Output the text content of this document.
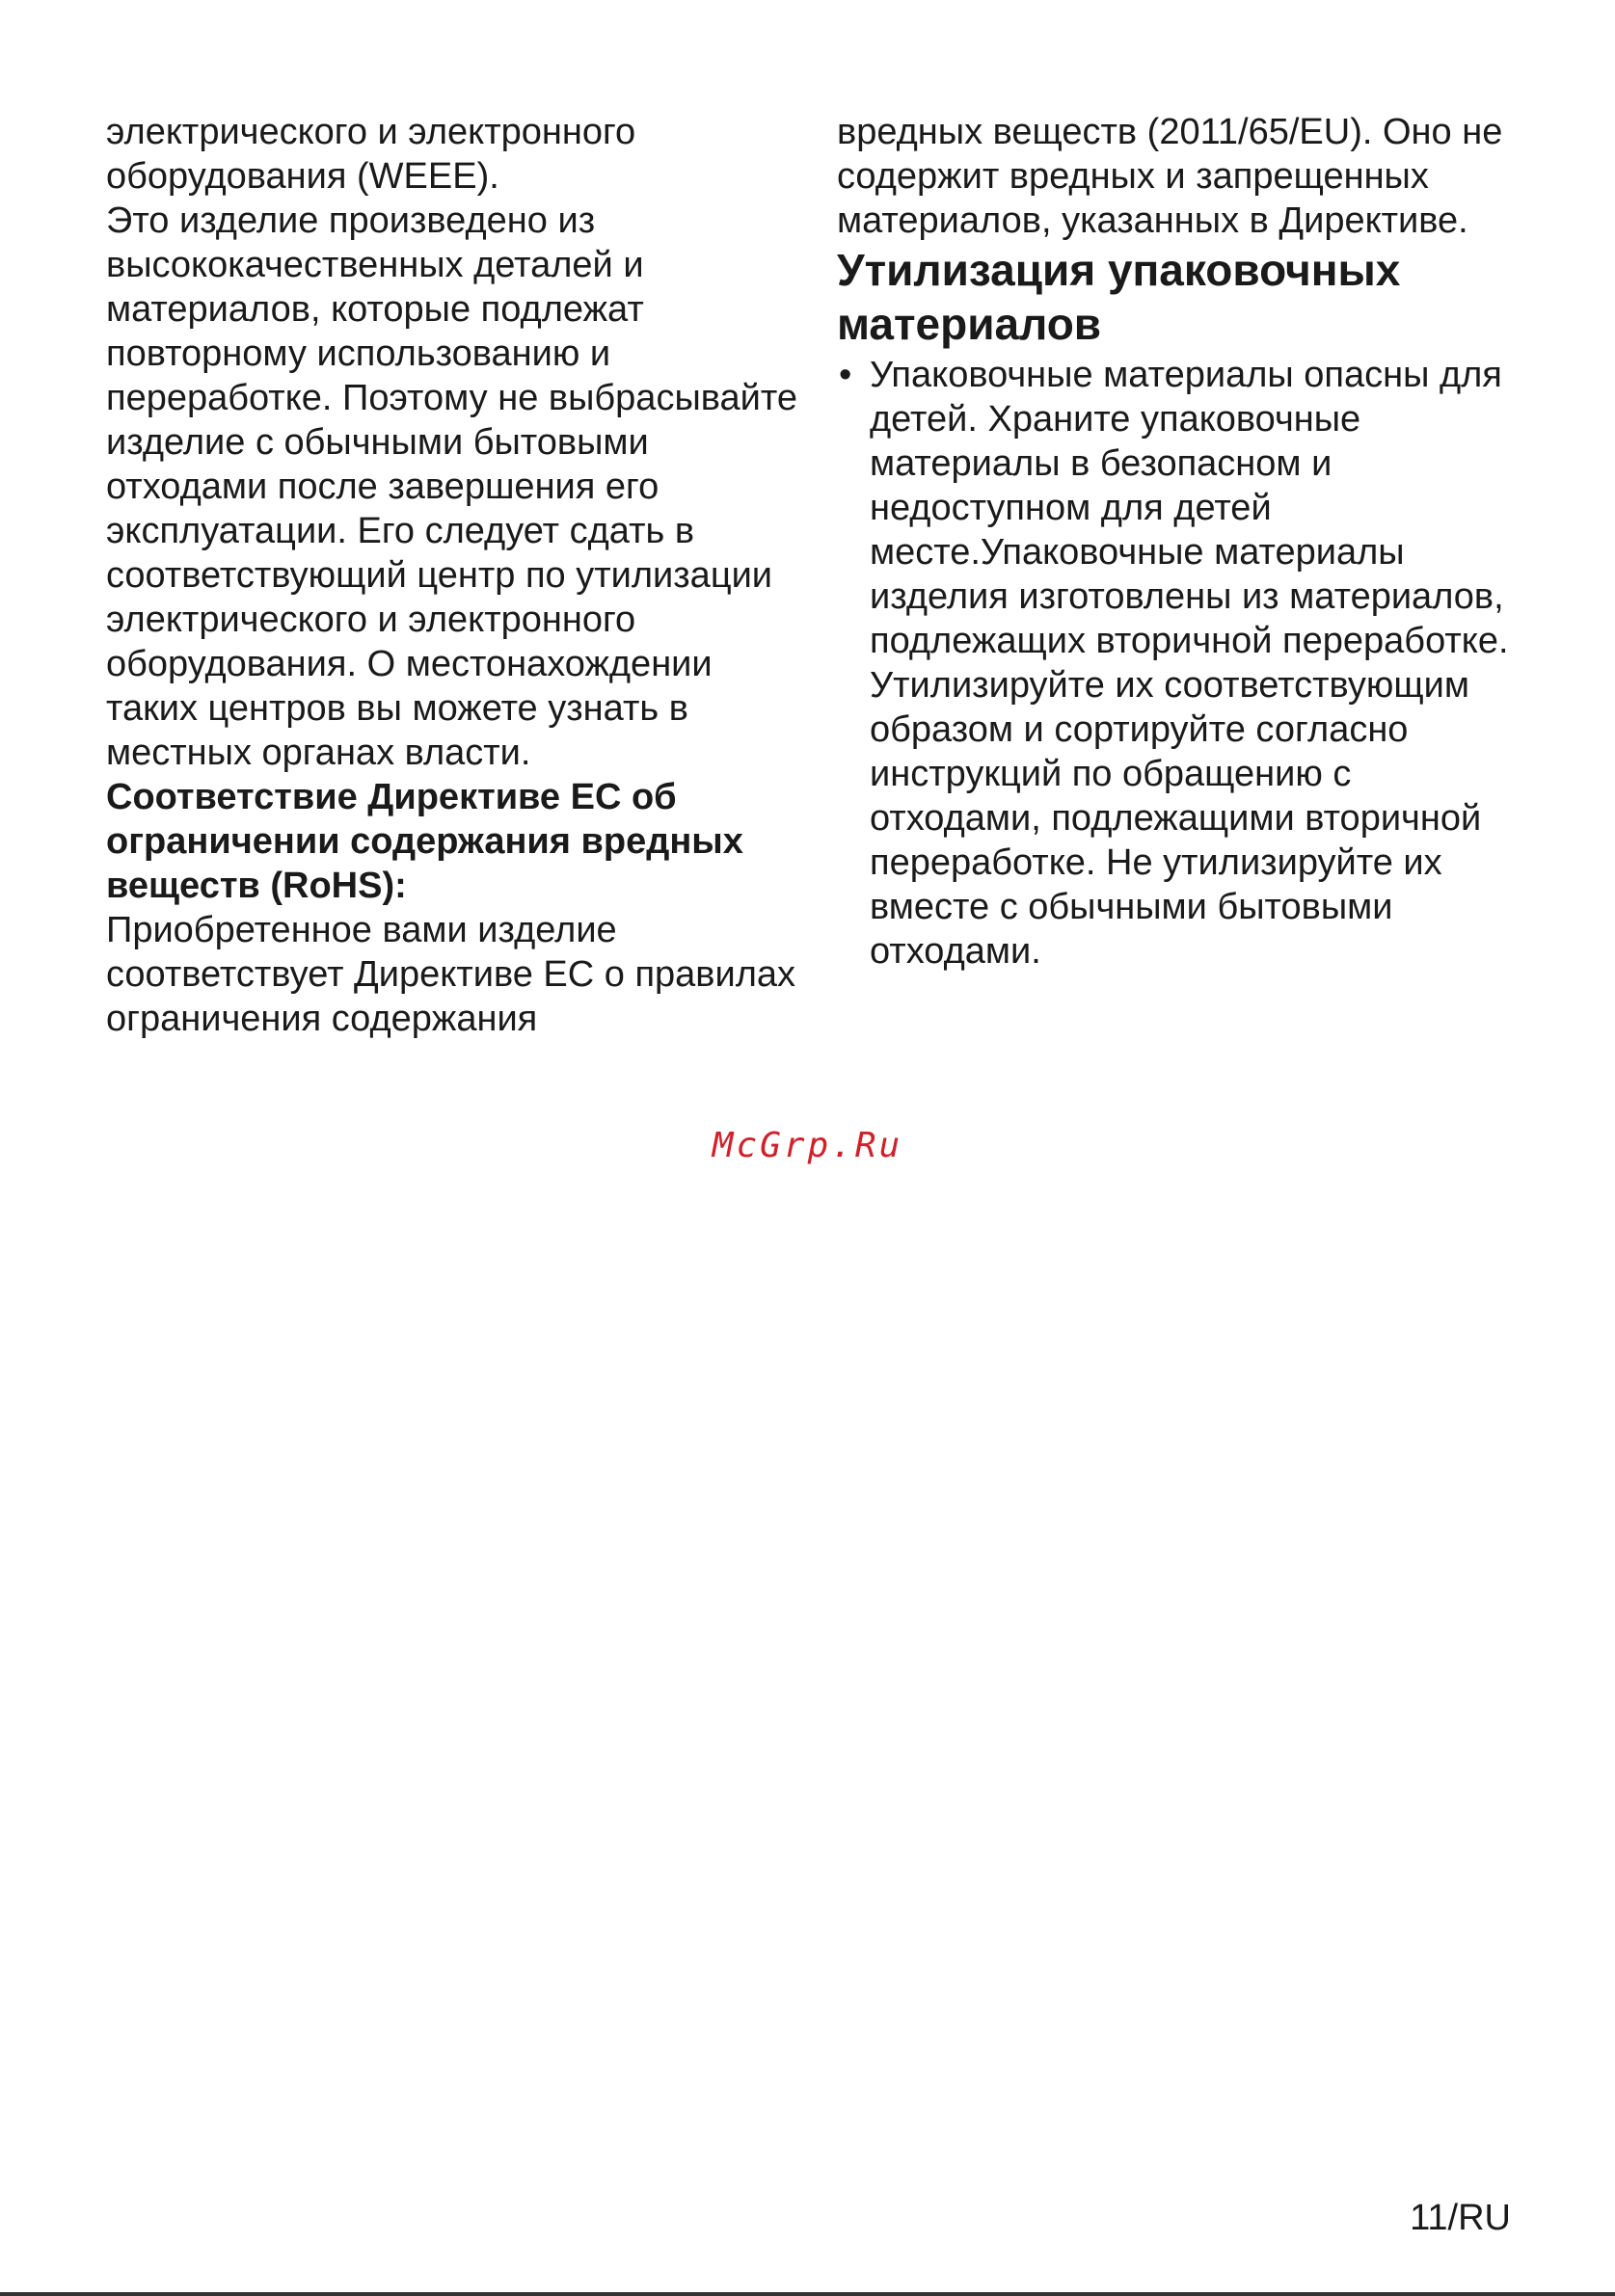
электрического и электронного оборудования (WEEE).

Это изделие произведено из высококачественных деталей и материалов, которые подлежат повторному использованию и переработке. Поэтому не выбрасывайте изделие с обычными бытовыми отходами после завершения его эксплуатации. Его следует сдать в соответствующий центр по утилизации электрического и электронного оборудования. О местонахождении таких центров вы можете узнать в местных органах власти.

Соответствие Директиве ЕС об ограничении содержания вредных веществ (RoHS):

Приобретенное вами изделие соответствует Директиве ЕС о правилах ограничения содержания

вредных веществ (2011/65/EU). Оно не содержит вредных и запрещенных материалов, указанных в Директиве.

Утилизация упаковочных материалов

• Упаковочные материалы опасны для детей. Храните упаковочные материалы в безопасном и недоступном для детей месте.Упаковочные материалы изделия изготовлены из материалов, подлежащих вторичной переработке. Утилизируйте их соответствующим образом и сортируйте согласно инструкций по обращению с отходами, подлежащими вторичной переработке. Не утилизируйте их вместе с обычными бытовыми отходами.
McGrp.Ru
11/RU
